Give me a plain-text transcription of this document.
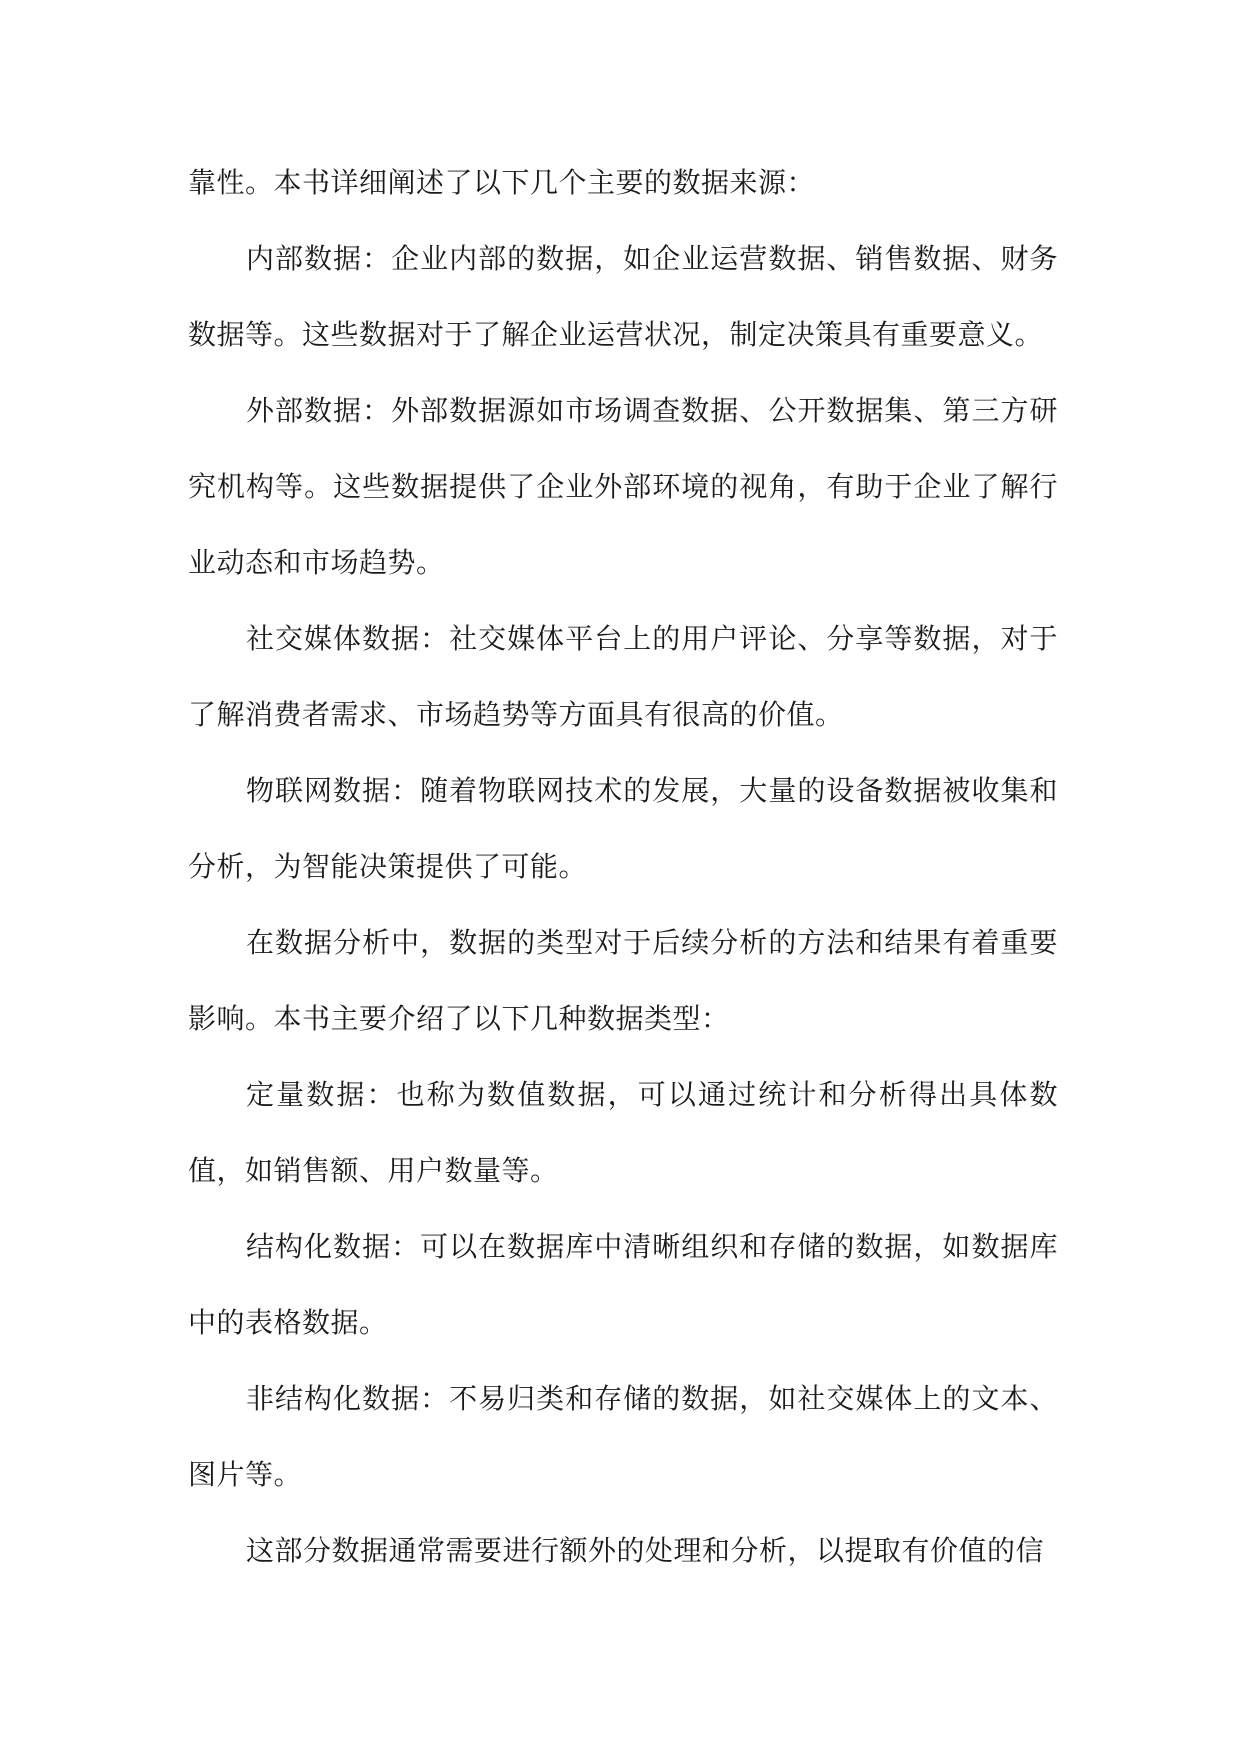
靠性。本书详细阐述了以下几个主要的数据来源：

内部数据：企业内部的数据，如企业运营数据、销售数据、财务数据等。这些数据对于了解企业运营状况，制定决策具有重要意义。

外部数据：外部数据源如市场调查数据、公开数据集、第三方研究机构等。这些数据提供了企业外部环境的视角，有助于企业了解行业动态和市场趋势。

社交媒体数据：社交媒体平台上的用户评论、分享等数据，对于了解消费者需求、市场趋势等方面具有很高的价值。

物联网数据：随着物联网技术的发展，大量的设备数据被收集和分析，为智能决策提供了可能。

在数据分析中，数据的类型对于后续分析的方法和结果有着重要影响。本书主要介绍了以下几种数据类型：

定量数据：也称为数值数据，可以通过统计和分析得出具体数值，如销售额、用户数量等。

结构化数据：可以在数据库中清晰组织和存储的数据，如数据库中的表格数据。

非结构化数据：不易归类和存储的数据，如社交媒体上的文本、图片等。

这部分数据通常需要进行额外的处理和分析，以提取有价值的信
